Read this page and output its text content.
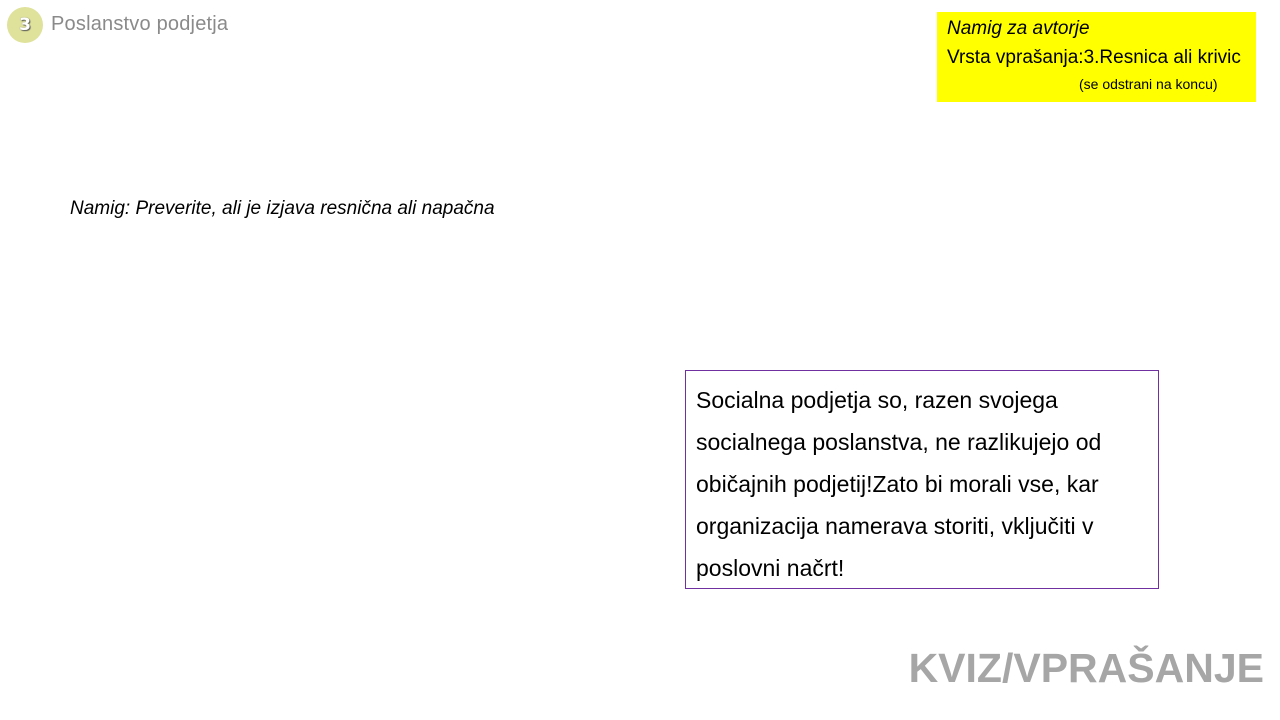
3 Poslanstvo podjetja	Namig za avtorje
Vrsta vprašanja:3.Resnica ali krivic
(se odstrani na koncu)
Namig: Preverite, ali je izjava resnična ali napačna

Socialna podjetja so, razen svojega socialnega poslanstva, ne razlikujejo od običajnih podjetij!Zato bi morali vse, kar organizacija namerava storiti, vključiti v poslovni načrt!

KVIZ/VPRAŠANJE
